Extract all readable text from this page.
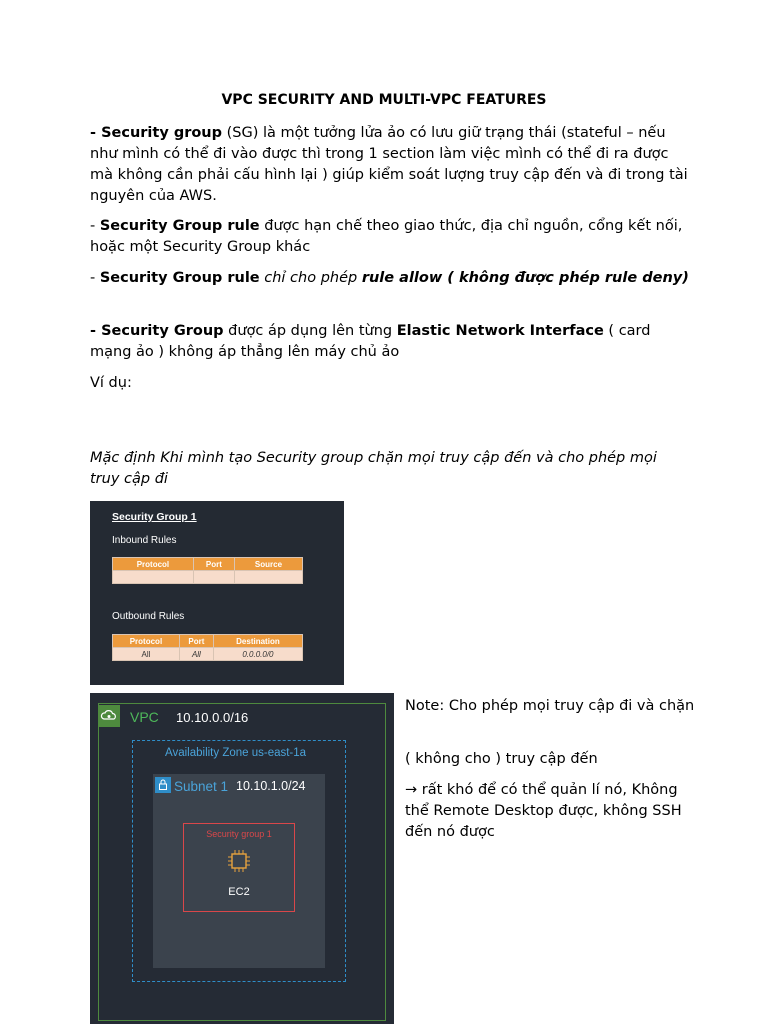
VPC SECURITY AND MULTI-VPC FEATURES
- Security group (SG) là một tưởng lửa ảo có lưu giữ trạng thái (stateful – nếu như mình có thể đi vào được thì trong 1 section làm việc mình có thể đi ra được mà không cần phải cấu hình lại ) giúp kiểm soát lượng truy cập đến và đi trong tài nguyên của AWS.
- Security Group rule được hạn chế theo giao thức, địa chỉ nguồn, cổng kết nối, hoặc một Security Group khác
- Security Group rule chỉ cho phép rule allow ( không được phép rule deny)
- Security Group được áp dụng lên từng Elastic Network Interface ( card mạng ảo ) không áp thẳng lên máy chủ ảo
Ví dụ:
Mặc định Khi mình tạo Security group chặn mọi truy cập đến và cho phép mọi truy cập đi
Security Group 1
Inbound Rules
Protocol	Port	Source

Outbound Rules
Protocol	Port	Destination
All	All	0.0.0.0/0
VPC 10.10.0.0/16
Availability Zone us-east-1a
Subnet 1 10.10.1.0/24
Security group 1
EC2
Note: Cho phép mọi truy cập đi và chặn
( không cho ) truy cập đến
→ rất khó để có thể quản lí nó, Không thể Remote Desktop được, không SSH đến nó được
